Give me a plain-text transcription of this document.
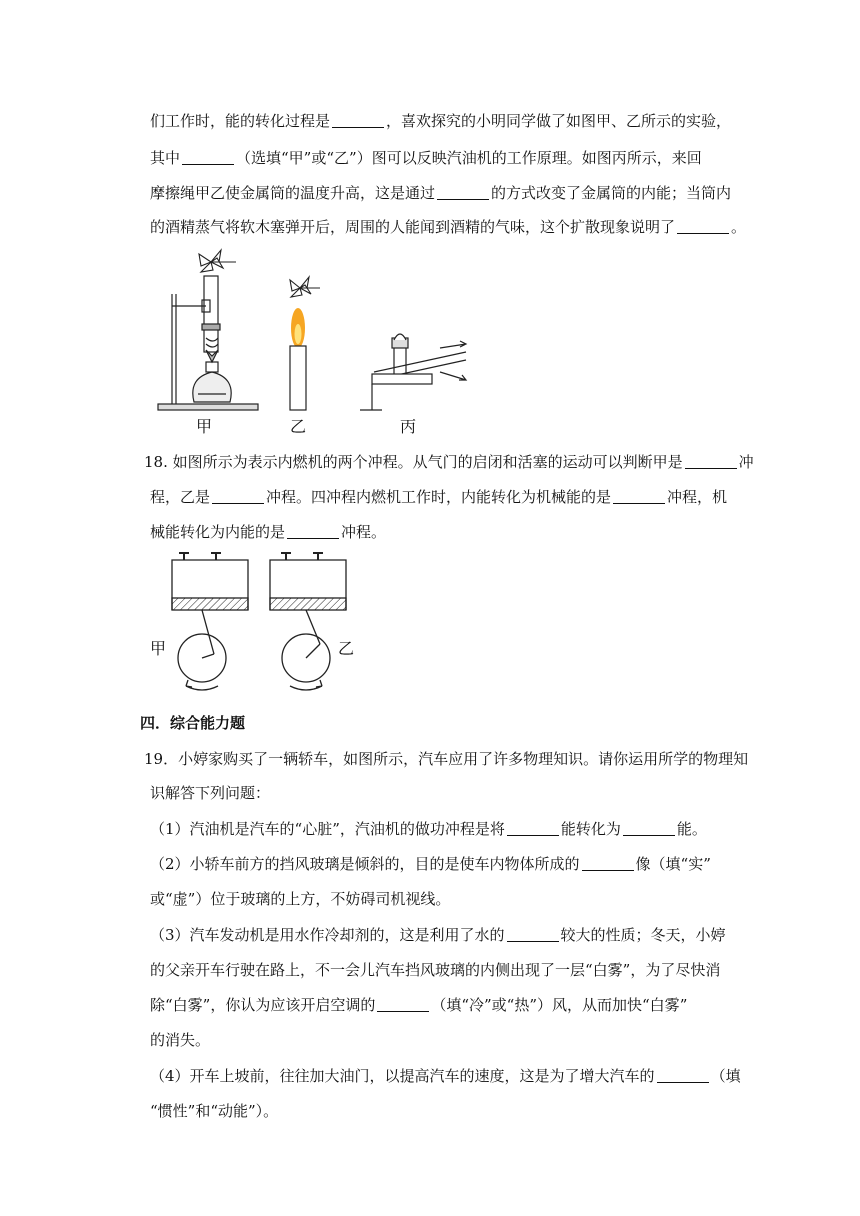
们工作时，能的转化过程是	，喜欢探究的小明同学做了如图甲、乙所示的实验，
其中	（选填“甲”或“乙”）图可以反映汽油机的工作原理。如图丙所示，来回
摩擦绳甲乙使金属筒的温度升高，这是通过	的方式改变了金属筒的内能；当筒内
的酒精蒸气将软木塞弹开后，周围的人能闻到酒精的气味，这个扩散现象说明了	。
甲	乙	丙
18. 如图所示为表示内燃机的两个冲程。从气门的启闭和活塞的运动可以判断甲是	冲
程，乙是	冲程。四冲程内燃机工作时，内能转化为机械能的是	冲程，机
械能转化为内能的是	冲程。
甲	乙
四．综合能力题
19．小婷家购买了一辆轿车，如图所示，汽车应用了许多物理知识。请你运用所学的物理知
识解答下列问题：
（1）汽油机是汽车的“心脏”，汽油机的做功冲程是将	能转化为	能。
（2）小轿车前方的挡风玻璃是倾斜的，目的是使车内物体所成的	像（填“实”
或“虚”）位于玻璃的上方，不妨碍司机视线。
（3）汽车发动机是用水作冷却剂的，这是利用了水的	较大的性质；冬天，小婷
的父亲开车行驶在路上，不一会儿汽车挡风玻璃的内侧出现了一层“白雾”，为了尽快消
除“白雾”，你认为应该开启空调的	（填“冷”或“热”）风，从而加快“白雾”
的消失。
（4）开车上坡前，往往加大油门，以提高汽车的速度，这是为了增大汽车的	（填
“惯性”和“动能”）。
